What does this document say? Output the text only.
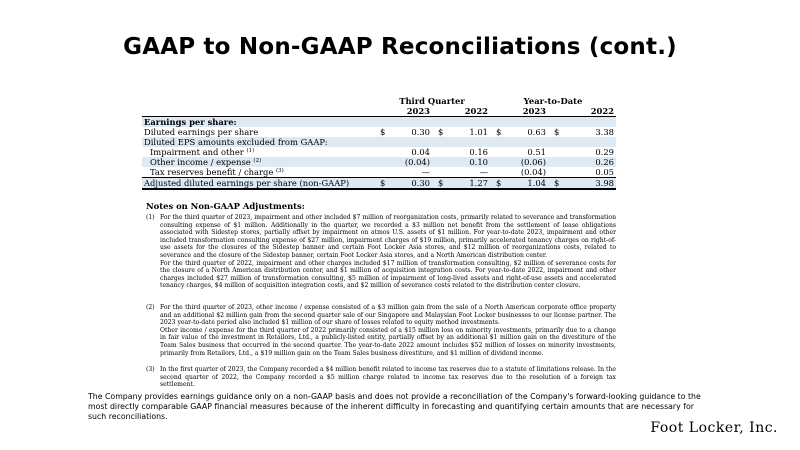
GAAP to Non-GAAP Reconciliations (cont.)
	Third Quarter				Year-to-Date			
	2023		2022		2023		2022	
Earnings per share:								
Diluted earnings per share	$	0.30	$	1.01	$	0.63	$	3.38
Diluted EPS amounts excluded from GAAP:								
Impairment and other $^{(1)}$		0.04		0.16		0.51		0.29
Other income / expense $^{(2)}$		(0.04)		0.10		(0.06)		0.26
Tax reserves benefit / charge $^{(3)}$		—		—		(0.04)		0.05
Adjusted diluted earnings per share (non-GAAP)	$	0.30	$	1.27	$	1.04	$	3.98
Notes on Non-GAAP Adjustments:
(1) For the third quarter of 2023, impairment and other included $7 million of reorganization costs, primarily related to severance and transformation consulting expense of $1 million. Additionally in the quarter, we recorded a $3 million net benefit from the settlement of lease obligations associated with Sidestep stores, partially offset by impairment on atmos U.S. assets of $1 million. For year-to-date 2023, impairment and other included transformation consulting expense of $27 million, impairment charges of $19 million, primarily accelerated tenancy charges on right-of-use assets for the closures of the Sidestep banner and certain Foot Locker Asia stores, and $12 million of reorganizations costs, related to severance and the closure of the Sidestep banner, certain Foot Locker Asia stores, and a North American distribution center.
For the third quarter of 2022, impairment and other charges included $17 million of transformation consulting, $2 million of severance costs for the closure of a North American distribution center, and $1 million of acquisition integration costs. For year-to-date 2022, impairment and other charges included $27 million of transformation consulting, $5 million of impairment of long-lived assets and right-of-use assets and accelerated tenancy charges, $4 million of acquisition integration costs, and $2 million of severance costs related to the distribution center closure.
(2) For the third quarter of 2023, other income / expense consisted of a $3 million gain from the sale of a North American corporate office property and an additional $2 million gain from the second quarter sale of our Singapore and Malaysian Foot Locker businesses to our license partner. The 2023 year-to-date period also included $1 million of our share of losses related to equity method investments.
Other income / expense for the third quarter of 2022 primarily consisted of a $15 million loss on minority investments, primarily due to a change in fair value of the investment in Retailors, Ltd., a publicly-listed entity, partially offset by an additional $1 million gain on the divestiture of the Team Sales business that occurred in the second quarter. The year-to-date 2022 amount includes $52 million of losses on minority investments, primarily from Retailors, Ltd., a $19 million gain on the Team Sales business divestiture, and $1 million of dividend income.
(3) In the first quarter of 2023, the Company recorded a $4 million benefit related to income tax reserves due to a statute of limitations release. In the second quarter of 2022, the Company recorded a $5 million charge related to income tax reserves due to the resolution of a foreign tax settlement.
The Company provides earnings guidance only on a non-GAAP basis and does not provide a reconciliation of the Company's forward-looking guidance to the most directly comparable GAAP financial measures because of the inherent difficulty in forecasting and quantifying certain amounts that are necessary for such reconciliations.
Foot Locker, Inc.
